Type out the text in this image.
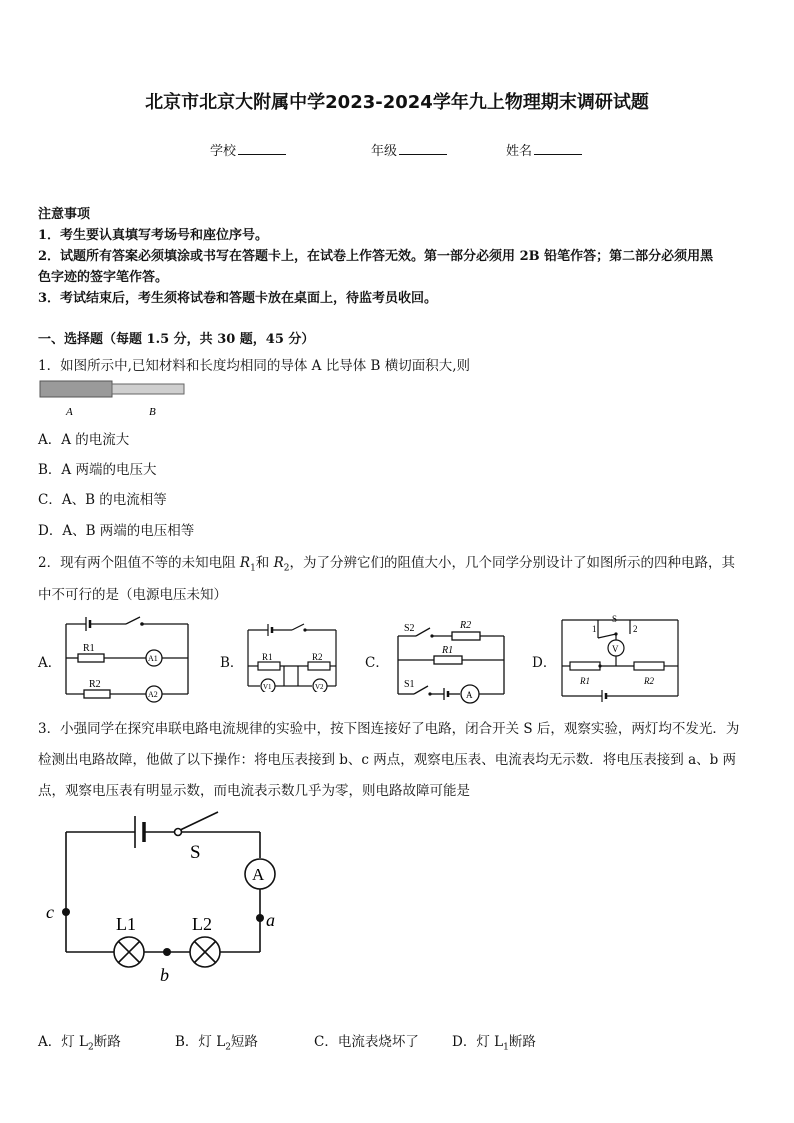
北京市北京大附属中学2023-2024学年九上物理期末调研试题
学校	年级	姓名
注意事项
1．考生要认真填写考场号和座位序号。
2．试题所有答案必须填涂或书写在答题卡上，在试卷上作答无效。第一部分必须用 2B 铅笔作答；第二部分必须用黑
色字迹的签字笔作答。
3．考试结束后，考生须将试卷和答题卡放在桌面上，待监考员收回。
一、选择题（每题 1.5 分，共 30 题，45 分）
1．如图所示中,已知材料和长度均相同的导体 A 比导体 B 横切面积大,则
A	B
A．A 的电流大
B．A 两端的电压大
C．A、B 的电流相等
D．A、B 两端的电压相等
2．现有两个阻值不等的未知电阻 $R_1$和 $R_2$，为了分辨它们的阻值大小，几个同学分别设计了如图所示的四种电路，其
中不可行的是（电源电压未知）
A．	B．	C．	D．
R1
R2
A1
A2
R1	R2
V1	V2
S2	R2
R1
S1
A
S
1	2
V
R1	R2
3．小强同学在探究串联电路电流规律的实验中，按下图连接好了电路，闭合开关 S 后，观察实验，两灯均不发光．为
检测出电路故障，他做了以下操作：将电压表接到 b、c 两点，观察电压表、电流表均无示数．将电压表接到 a、b 两
点，观察电压表有明显示数，而电流表示数几乎为零，则电路故障可能是
S
A
c	a
L1	L2
b
A．灯 $L_2$断路	B．灯 $L_2$短路	C．电流表烧坏了 D．灯 $L_1$断路
